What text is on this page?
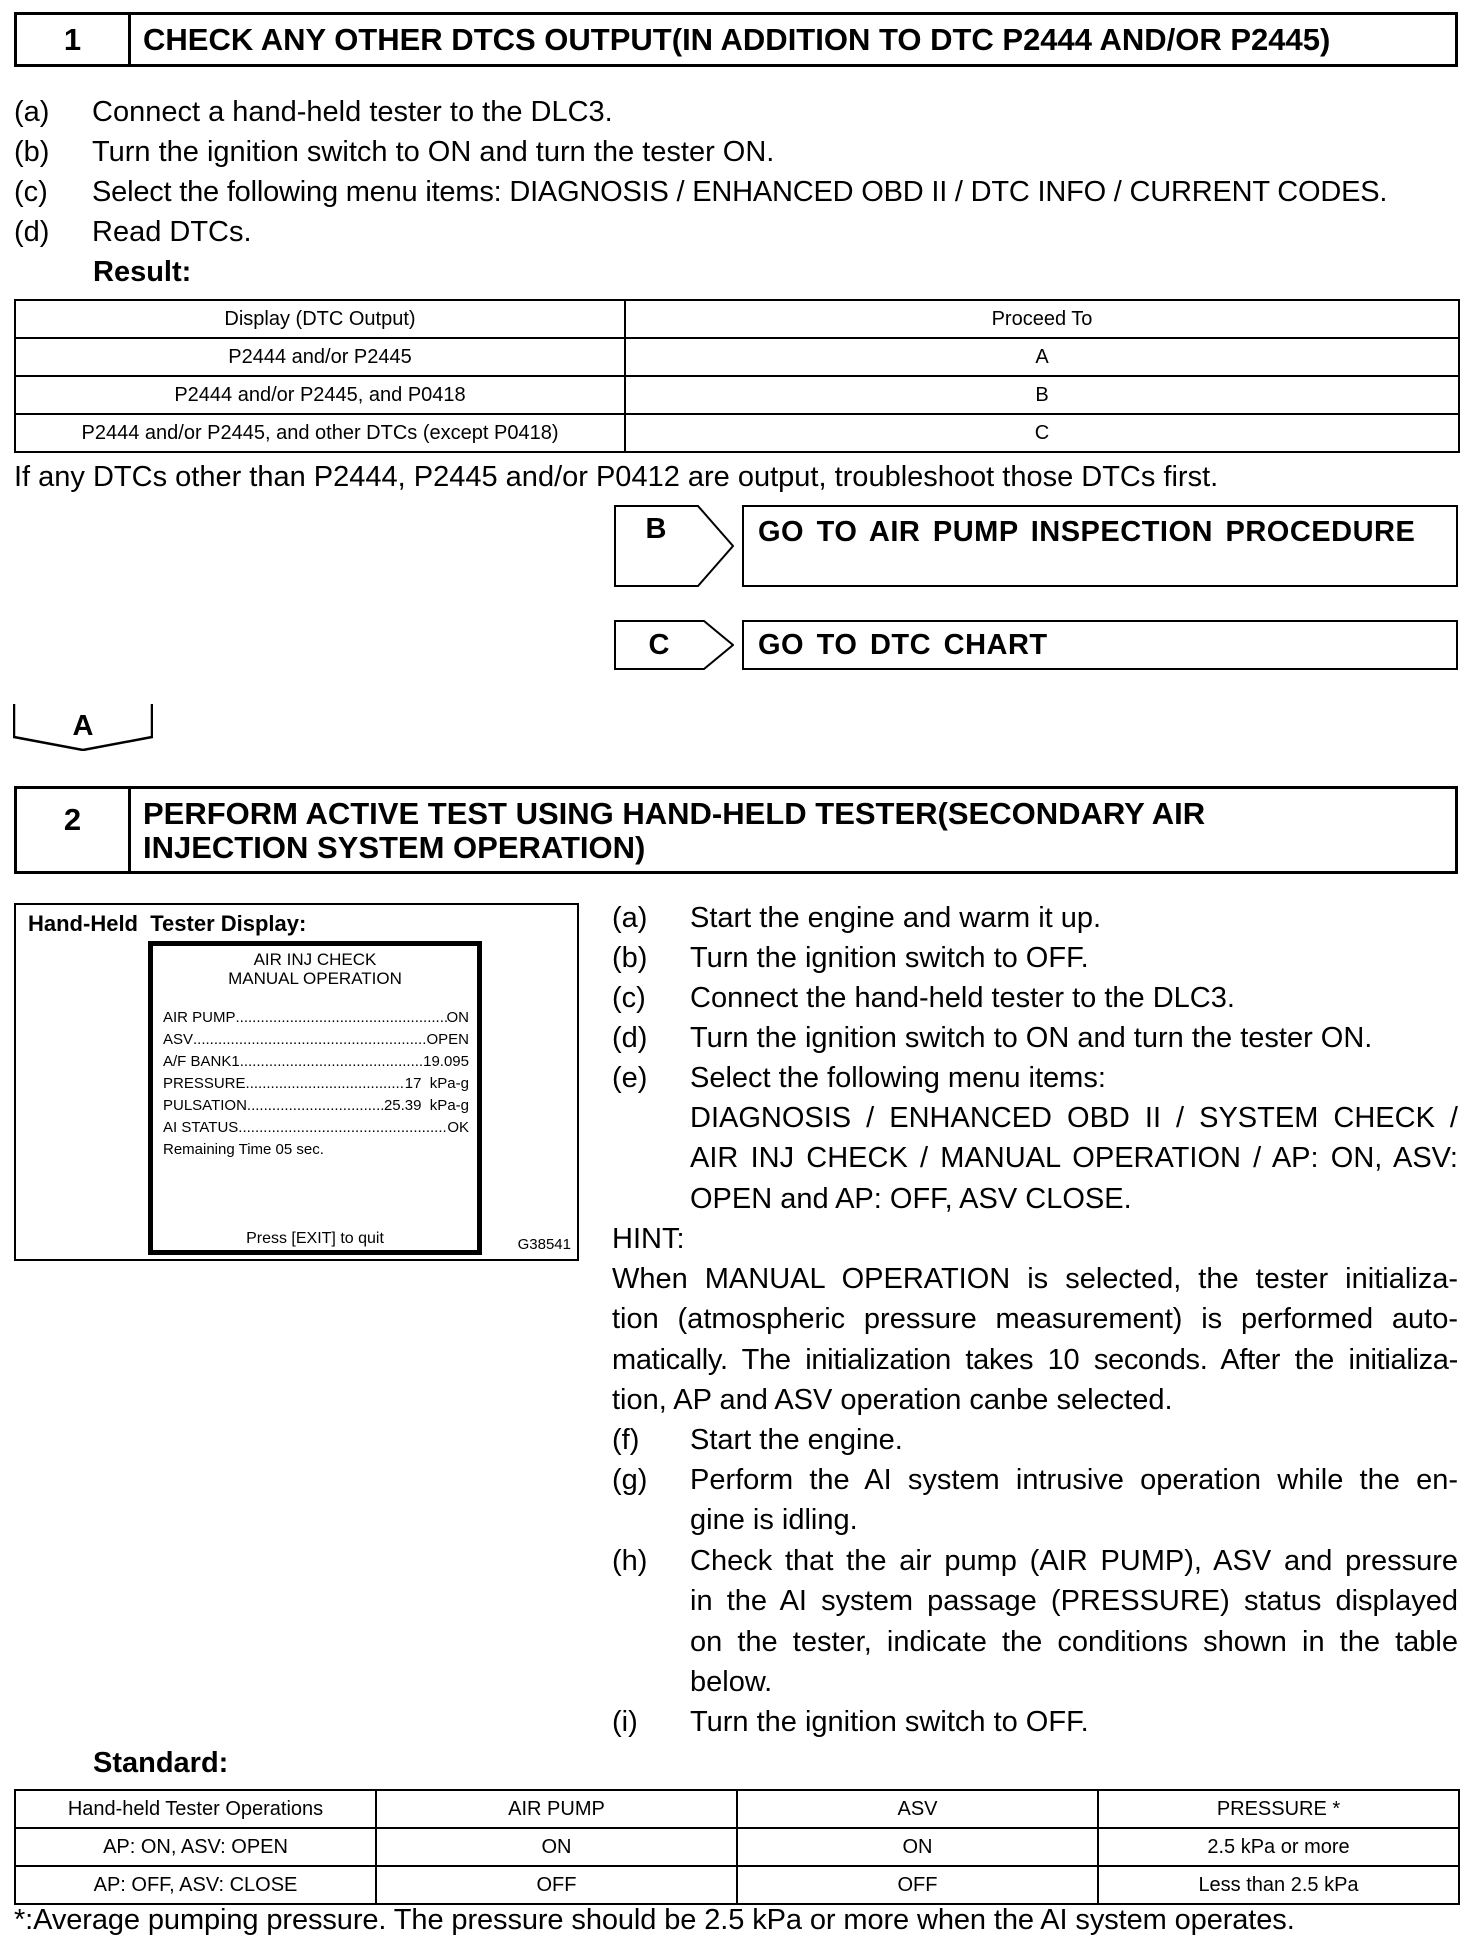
1	CHECK ANY OTHER DTCS OUTPUT(IN ADDITION TO DTC P2444 AND/OR P2445)
(a) Connect a hand-held tester to the DLC3.
(b) Turn the ignition switch to ON and turn the tester ON.
(c) Select the following menu items: DIAGNOSIS / ENHANCED OBD II / DTC INFO / CURRENT CODES.
(d) Read DTCs.
Result:
Display (DTC Output)	Proceed To
P2444 and/or P2445	A
P2444 and/or P2445, and P0418	B
P2444 and/or P2445, and other DTCs (except P0418)	C
If any DTCs other than P2444, P2445 and/or P0412 are output, troubleshoot those DTCs first.
B	GO TO AIR PUMP INSPECTION PROCEDURE
C	GO TO DTC CHART
A
2	PERFORM ACTIVE TEST USING HAND-HELD TESTER(SECONDARY AIR
INJECTION SYSTEM OPERATION)
Hand-Held  Tester Display:
AIR INJ CHECK
MANUAL OPERATION
AIR PUMP .....	ON
ASV .....	OPEN
A/F BANK1 .....	19.095
PRESSURE .....	17  kPa-g
PULSATION .....	25.39  kPa-g
AI STATUS .....	OK
Remaining Time 05 sec.
Press [EXIT] to quit	G38541
(a) Start the engine and warm it up.
(b) Turn the ignition switch to OFF.
(c) Connect the hand-held tester to the DLC3.
(d) Turn the ignition switch to ON and turn the tester ON.
(e) Select the following menu items:
DIAGNOSIS / ENHANCED OBD II / SYSTEM CHECK /
AIR INJ CHECK / MANUAL OPERATION / AP: ON, ASV:
OPEN and AP: OFF, ASV CLOSE.
HINT:
When MANUAL OPERATION is selected, the tester initializa-
tion (atmospheric pressure measurement) is performed auto-
matically. The initialization takes 10 seconds. After the initializa-
tion, AP and ASV operation canbe selected.
(f) Start the engine.
(g) Perform the AI system intrusive operation while the en-
gine is idling.
(h) Check that the air pump (AIR PUMP), ASV and pressure
in the AI system passage (PRESSURE) status displayed
on the tester, indicate the conditions shown in the table
below.
(i) Turn the ignition switch to OFF.
Standard:
Hand-held Tester Operations	AIR PUMP	ASV	PRESSURE *
AP: ON, ASV: OPEN	ON	ON	2.5 kPa or more
AP: OFF, ASV: CLOSE	OFF	OFF	Less than 2.5 kPa
*:Average pumping pressure. The pressure should be 2.5 kPa or more when the AI system operates.
